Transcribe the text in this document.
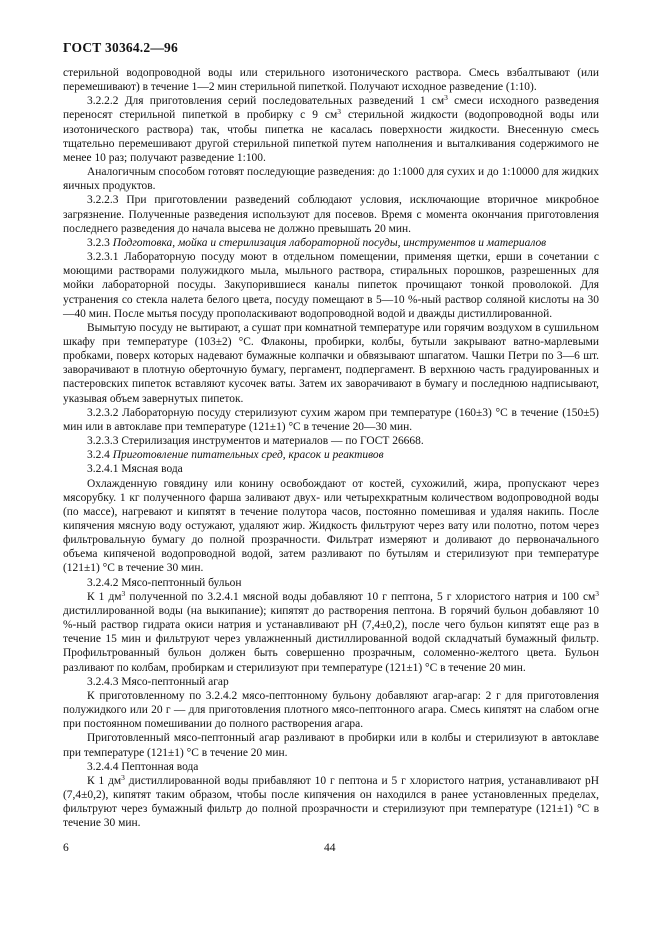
ГОСТ 30364.2—96

стерильной водопроводной воды или стерильного изотонического раствора. Смесь взбалтывают (или перемешивают) в течение 1—2 мин стерильной пипеткой. Получают исходное разведение (1:10).

3.2.2.2 Для приготовления серий последовательных разведений 1 $см^3$ смеси исходного разведения переносят стерильной пипеткой в пробирку с 9 $см^3$ стерильной жидкости (водопроводной воды или изотонического раствора) так, чтобы пипетка не касалась поверхности жидкости. Внесенную смесь тщательно перемешивают другой стерильной пипеткой путем наполнения и выталкивания содержимого не менее 10 раз; получают разведение 1:100.

Аналогичным способом готовят последующие разведения: до 1:1000 для сухих и до 1:10000 для жидких яичных продуктов.

3.2.2.3 При приготовлении разведений соблюдают условия, исключающие вторичное микробное загрязнение. Полученные разведения используют для посевов. Время с момента окончания приготовления последнего разведения до начала высева не должно превышать 20 мин.

3.2.3 Подготовка, мойка и стерилизация лабораторной посуды, инструментов и материалов

3.2.3.1 Лабораторную посуду моют в отдельном помещении, применяя щетки, ерши в сочетании с моющими растворами полужидкого мыла, мыльного раствора, стиральных порошков, разрешенных для мойки лабораторной посуды. Закупорившиеся каналы пипеток прочищают тонкой проволокой. Для устранения со стекла налета белого цвета, посуду помещают в 5—10 %-ный раствор соляной кислоты на 30—40 мин. После мытья посуду прополаскивают водопроводной водой и дважды дистиллированной.

Вымытую посуду не вытирают, а сушат при комнатной температуре или горячим воздухом в сушильном шкафу при температуре (103±2) °С. Флаконы, пробирки, колбы, бутыли закрывают ватно-марлевыми пробками, поверх которых надевают бумажные колпачки и обвязывают шпагатом. Чашки Петри по 3—6 шт. заворачивают в плотную оберточную бумагу, пергамент, подпергамент. В верхнюю часть градуированных и пастеровских пипеток вставляют кусочек ваты. Затем их заворачивают в бумагу и последнюю надписывают, указывая объем завернутых пипеток.

3.2.3.2 Лабораторную посуду стерилизуют сухим жаром при температуре (160±3) °С в течение (150±5) мин или в автоклаве при температуре (121±1) °С в течение 20—30 мин.

3.2.3.3 Стерилизация инструментов и материалов — по ГОСТ 26668.

3.2.4 Приготовление питательных сред, красок и реактивов

3.2.4.1 Мясная вода

Охлажденную говядину или конину освобождают от костей, сухожилий, жира, пропускают через мясорубку. 1 кг полученного фарша заливают двух- или четырехкратным количеством водопроводной воды (по массе), нагревают и кипятят в течение полутора часов, постоянно помешивая и удаляя накипь. После кипячения мясную воду остужают, удаляют жир. Жидкость фильтруют через вату или полотно, потом через фильтровальную бумагу до полной прозрачности. Фильтрат измеряют и доливают до первоначального объема кипяченой водопроводной водой, затем разливают по бутылям и стерилизуют при температуре (121±1) °С в течение 30 мин.

3.2.4.2 Мясо-пептонный бульон

К 1 $дм^3$ полученной по 3.2.4.1 мясной воды добавляют 10 г пептона, 5 г хлористого натрия и 100 $см^3$ дистиллированной воды (на выкипание); кипятят до растворения пептона. В горячий бульон добавляют 10 %-ный раствор гидрата окиси натрия и устанавливают pH (7,4±0,2), после чего бульон кипятят еще раз в течение 15 мин и фильтруют через увлажненный дистиллированной водой складчатый бумажный фильтр. Профильтрованный бульон должен быть совершенно прозрачным, соломенно-желтого цвета. Бульон разливают по колбам, пробиркам и стерилизуют при температуре (121±1) °С в течение 20 мин.

3.2.4.3 Мясо-пептонный агар

К приготовленному по 3.2.4.2 мясо-пептонному бульону добавляют агар-агар: 2 г для приготовления полужидкого или 20 г — для приготовления плотного мясо-пептонного агара. Смесь кипятят на слабом огне при постоянном помешивании до полного растворения агара.

Приготовленный мясо-пептонный агар разливают в пробирки или в колбы и стерилизуют в автоклаве при температуре (121±1) °С в течение 20 мин.

3.2.4.4 Пептонная вода

К 1 $дм^3$ дистиллированной воды прибавляют 10 г пептона и 5 г хлористого натрия, устанавливают pH (7,4±0,2), кипятят таким образом, чтобы после кипячения он находился в ранее установленных пределах, фильтруют через бумажный фильтр до полной прозрачности и стерилизуют при температуре (121±1) °С в течение 30 мин.

6	44
